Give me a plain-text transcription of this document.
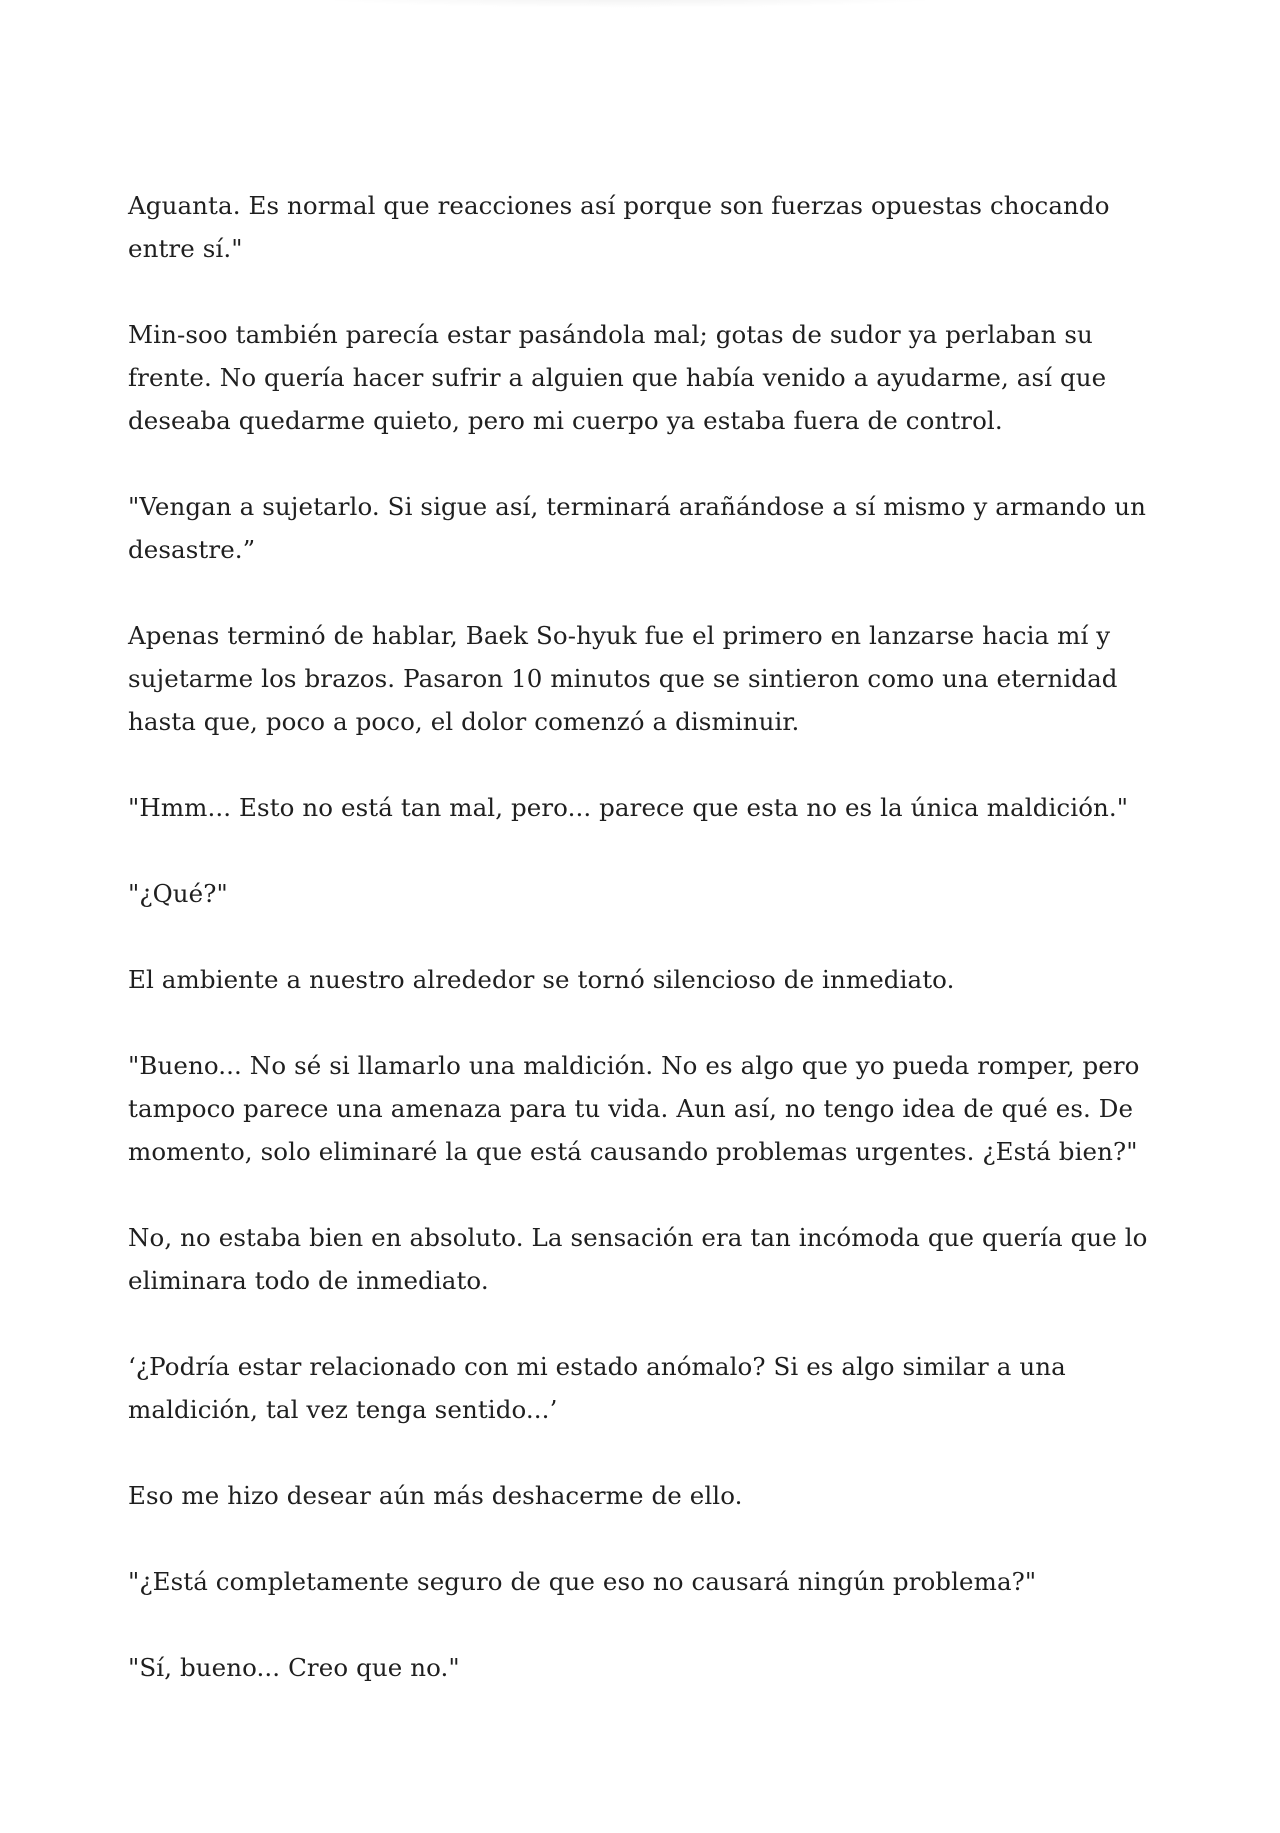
Aguanta. Es normal que reacciones así porque son fuerzas opuestas chocando entre sí."

Min-soo también parecía estar pasándola mal; gotas de sudor ya perlaban su frente. No quería hacer sufrir a alguien que había venido a ayudarme, así que deseaba quedarme quieto, pero mi cuerpo ya estaba fuera de control.

"Vengan a sujetarlo. Si sigue así, terminará arañándose a sí mismo y armando un desastre.”

Apenas terminó de hablar, Baek So-hyuk fue el primero en lanzarse hacia mí y sujetarme los brazos. Pasaron 10 minutos que se sintieron como una eternidad hasta que, poco a poco, el dolor comenzó a disminuir.

"Hmm... Esto no está tan mal, pero... parece que esta no es la única maldición."

"¿Qué?"

El ambiente a nuestro alrededor se tornó silencioso de inmediato.

"Bueno... No sé si llamarlo una maldición. No es algo que yo pueda romper, pero tampoco parece una amenaza para tu vida. Aun así, no tengo idea de qué es. De momento, solo eliminaré la que está causando problemas urgentes. ¿Está bien?"

No, no estaba bien en absoluto. La sensación era tan incómoda que quería que lo eliminara todo de inmediato.

‘¿Podría estar relacionado con mi estado anómalo? Si es algo similar a una maldición, tal vez tenga sentido...’

Eso me hizo desear aún más deshacerme de ello.

"¿Está completamente seguro de que eso no causará ningún problema?"

"Sí, bueno... Creo que no."
